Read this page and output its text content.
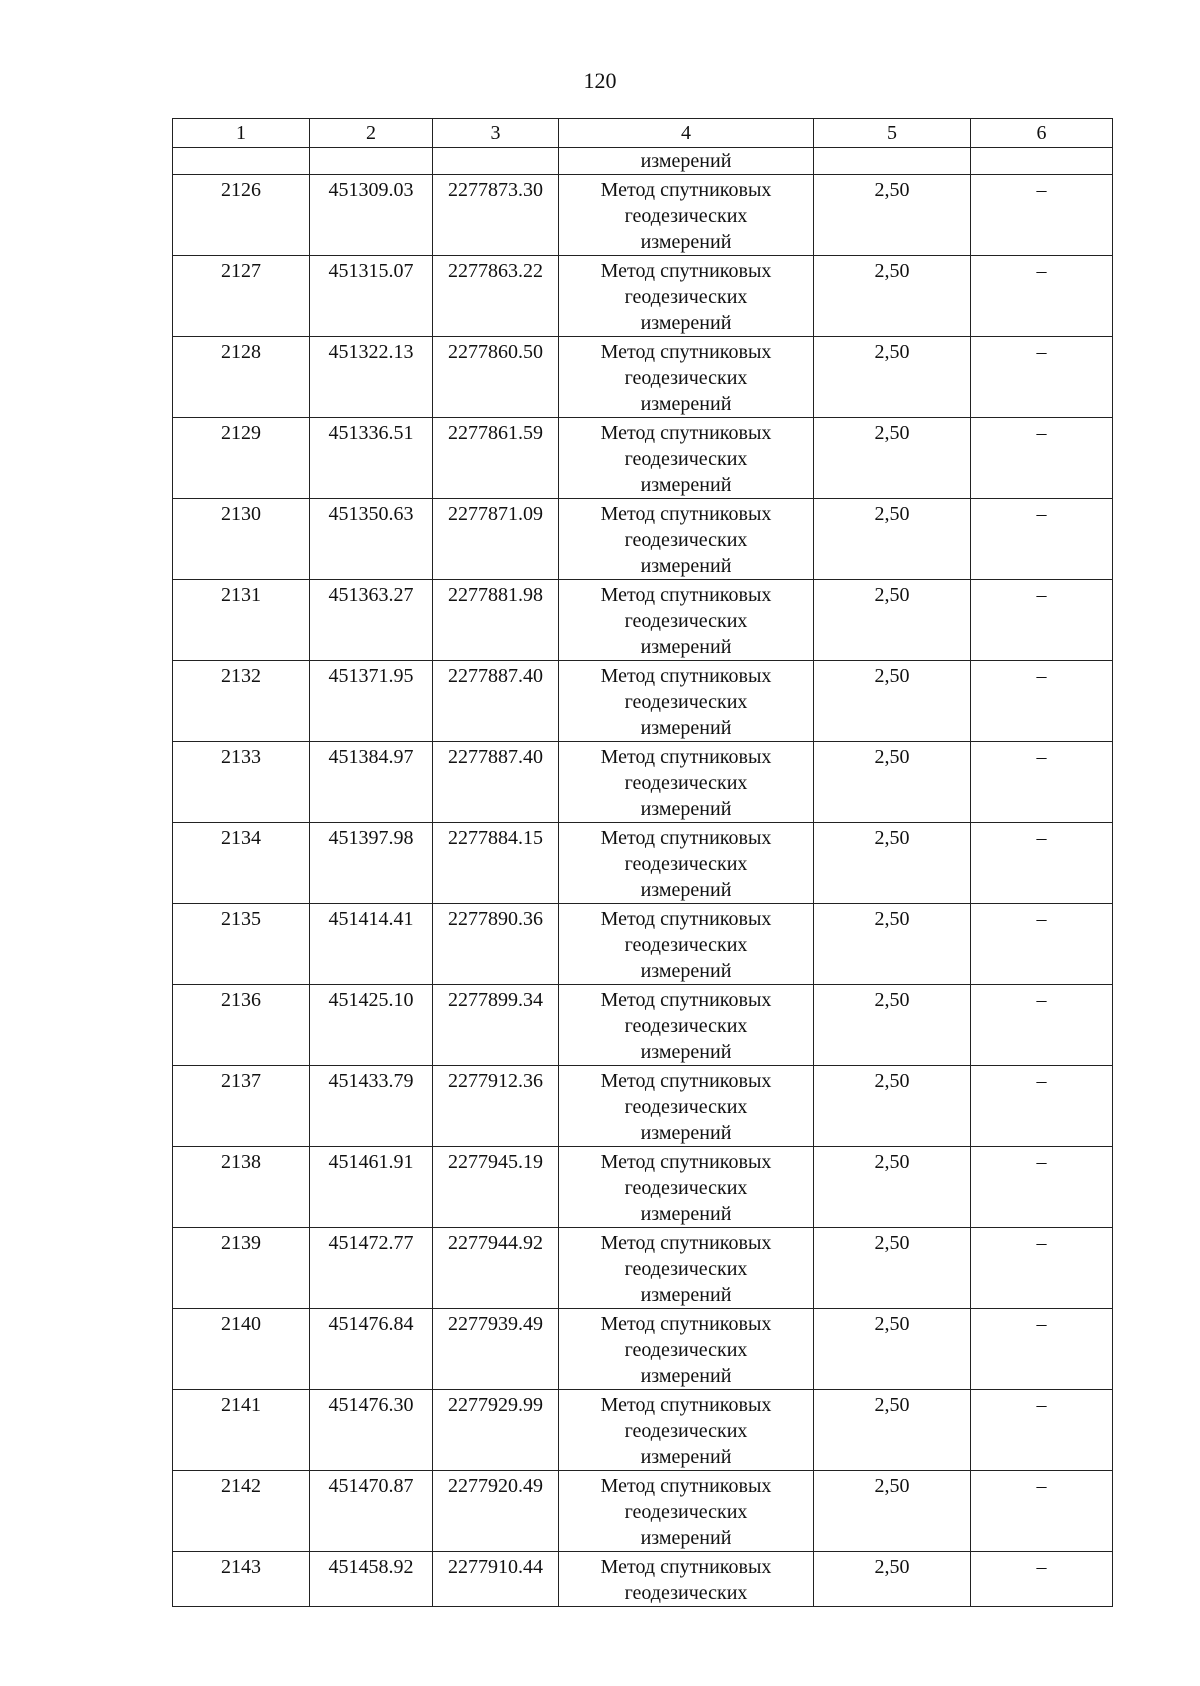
120
1	2	3	4	5	6
			измерений		
2126	451309.03	2277873.30	Метод спутниковых
геодезических
измерений	2,50	–
2127	451315.07	2277863.22	Метод спутниковых
геодезических
измерений	2,50	–
2128	451322.13	2277860.50	Метод спутниковых
геодезических
измерений	2,50	–
2129	451336.51	2277861.59	Метод спутниковых
геодезических
измерений	2,50	–
2130	451350.63	2277871.09	Метод спутниковых
геодезических
измерений	2,50	–
2131	451363.27	2277881.98	Метод спутниковых
геодезических
измерений	2,50	–
2132	451371.95	2277887.40	Метод спутниковых
геодезических
измерений	2,50	–
2133	451384.97	2277887.40	Метод спутниковых
геодезических
измерений	2,50	–
2134	451397.98	2277884.15	Метод спутниковых
геодезических
измерений	2,50	–
2135	451414.41	2277890.36	Метод спутниковых
геодезических
измерений	2,50	–
2136	451425.10	2277899.34	Метод спутниковых
геодезических
измерений	2,50	–
2137	451433.79	2277912.36	Метод спутниковых
геодезических
измерений	2,50	–
2138	451461.91	2277945.19	Метод спутниковых
геодезических
измерений	2,50	–
2139	451472.77	2277944.92	Метод спутниковых
геодезических
измерений	2,50	–
2140	451476.84	2277939.49	Метод спутниковых
геодезических
измерений	2,50	–
2141	451476.30	2277929.99	Метод спутниковых
геодезических
измерений	2,50	–
2142	451470.87	2277920.49	Метод спутниковых
геодезических
измерений	2,50	–
2143	451458.92	2277910.44	Метод спутниковых
геодезических	2,50	–
